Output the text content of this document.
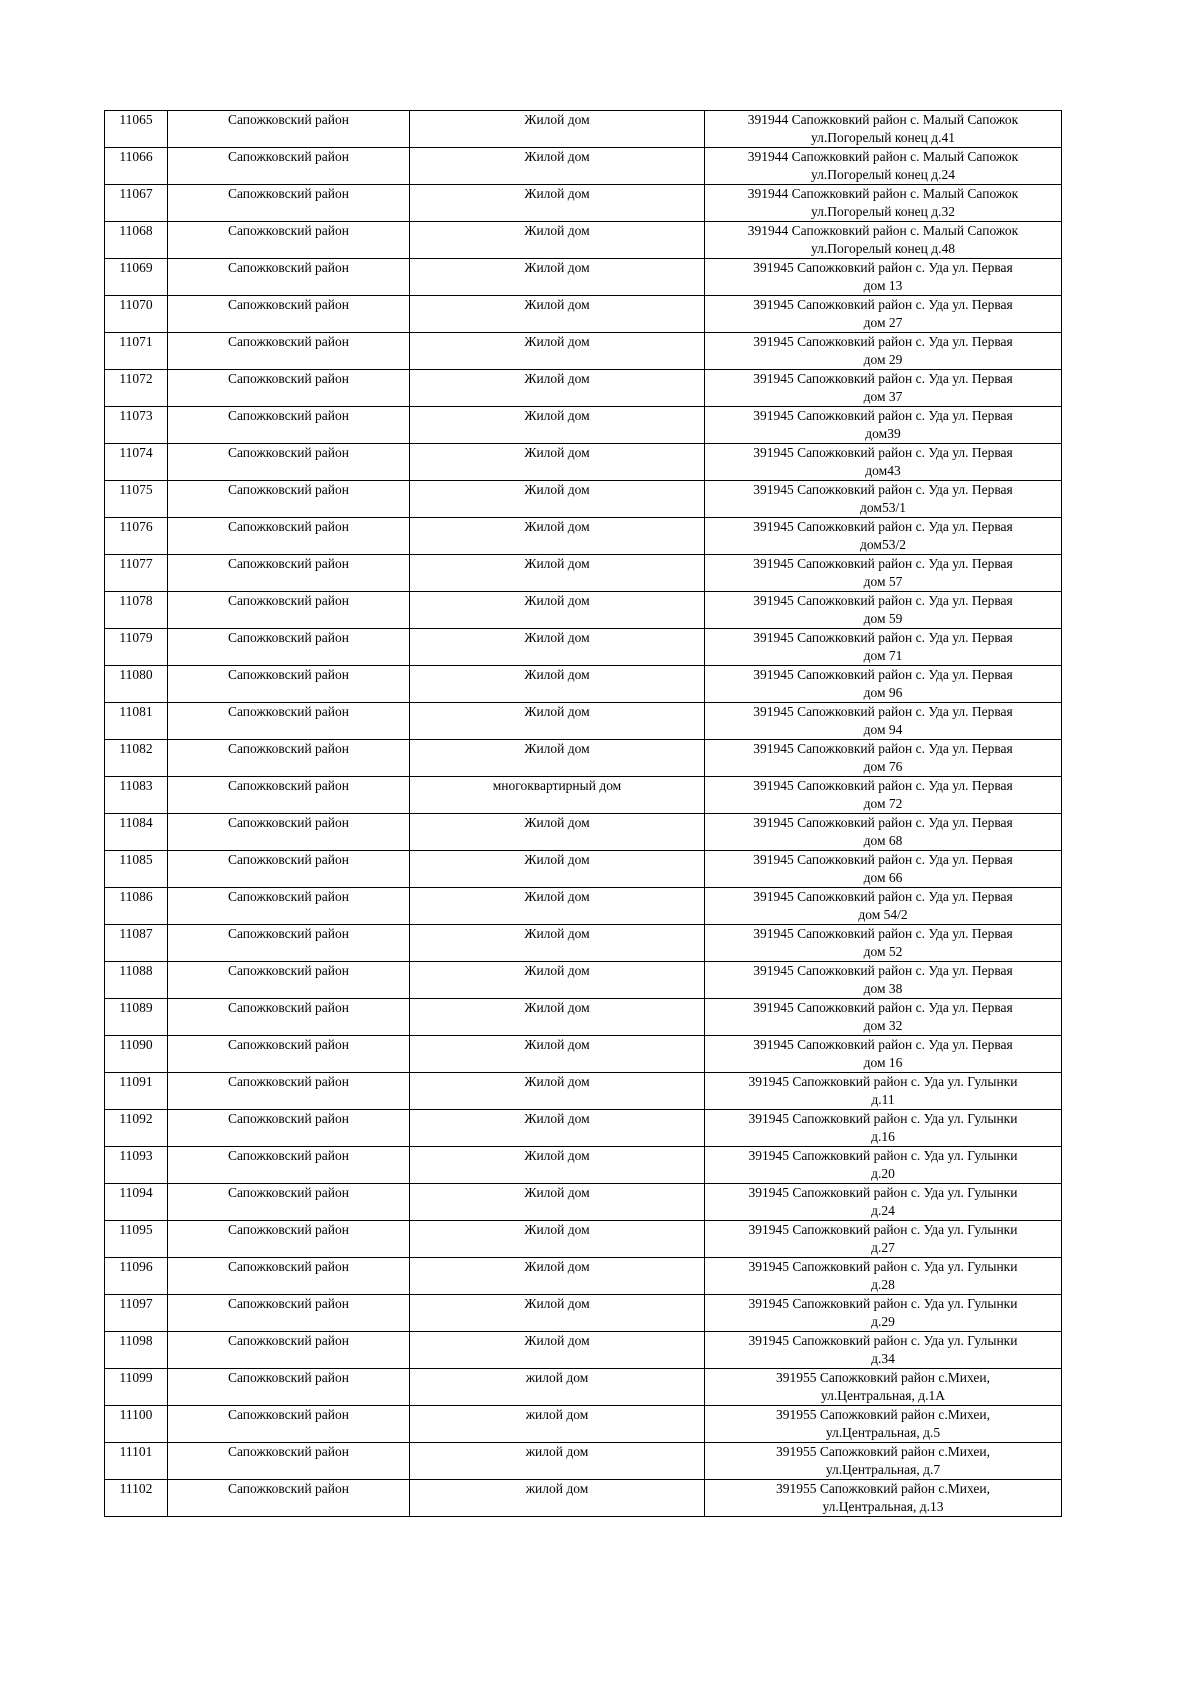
11065	Сапожковский район	Жилой дом	391944 Сапожковкий район с. Малый Сапожок
ул.Погорелый конец д.41

11066	Сапожковский район	Жилой дом	391944 Сапожковкий район с. Малый Сапожок
ул.Погорелый конец д.24

11067	Сапожковский район	Жилой дом	391944 Сапожковкий район с. Малый Сапожок
ул.Погорелый конец д.32

11068	Сапожковский район	Жилой дом	391944 Сапожковкий район с. Малый Сапожок
ул.Погорелый конец д.48

11069	Сапожковский район	Жилой дом	391945 Сапожковкий район с. Уда ул. Первая
дом 13

11070	Сапожковский район	Жилой дом	391945 Сапожковкий район с. Уда ул. Первая
дом 27

11071	Сапожковский район	Жилой дом	391945 Сапожковкий район с. Уда ул. Первая
дом 29

11072	Сапожковский район	Жилой дом	391945 Сапожковкий район с. Уда ул. Первая
дом 37

11073	Сапожковский район	Жилой дом	391945 Сапожковкий район с. Уда ул. Первая
дом39

11074	Сапожковский район	Жилой дом	391945 Сапожковкий район с. Уда ул. Первая
дом43

11075	Сапожковский район	Жилой дом	391945 Сапожковкий район с. Уда ул. Первая
дом53/1

11076	Сапожковский район	Жилой дом	391945 Сапожковкий район с. Уда ул. Первая
дом53/2

11077	Сапожковский район	Жилой дом	391945 Сапожковкий район с. Уда ул. Первая
дом 57

11078	Сапожковский район	Жилой дом	391945 Сапожковкий район с. Уда ул. Первая
дом 59

11079	Сапожковский район	Жилой дом	391945 Сапожковкий район с. Уда ул. Первая
дом 71

11080	Сапожковский район	Жилой дом	391945 Сапожковкий район с. Уда ул. Первая
дом 96

11081	Сапожковский район	Жилой дом	391945 Сапожковкий район с. Уда ул. Первая
дом 94

11082	Сапожковский район	Жилой дом	391945 Сапожковкий район с. Уда ул. Первая
дом 76

11083	Сапожковский район	многоквартирный дом	391945 Сапожковкий район с. Уда ул. Первая
дом 72

11084	Сапожковский район	Жилой дом	391945 Сапожковкий район с. Уда ул. Первая
дом 68

11085	Сапожковский район	Жилой дом	391945 Сапожковкий район с. Уда ул. Первая
дом 66

11086	Сапожковский район	Жилой дом	391945 Сапожковкий район с. Уда ул. Первая
дом 54/2

11087	Сапожковский район	Жилой дом	391945 Сапожковкий район с. Уда ул. Первая
дом 52

11088	Сапожковский район	Жилой дом	391945 Сапожковкий район с. Уда ул. Первая
дом 38

11089	Сапожковский район	Жилой дом	391945 Сапожковкий район с. Уда ул. Первая
дом 32

11090	Сапожковский район	Жилой дом	391945 Сапожковкий район с. Уда ул. Первая
дом 16

11091	Сапожковский район	Жилой дом	391945 Сапожковкий район с. Уда ул. Гулынки
д.11

11092	Сапожковский район	Жилой дом	391945 Сапожковкий район с. Уда ул. Гулынки
д.16

11093	Сапожковский район	Жилой дом	391945 Сапожковкий район с. Уда ул. Гулынки
д.20

11094	Сапожковский район	Жилой дом	391945 Сапожковкий район с. Уда ул. Гулынки
д.24

11095	Сапожковский район	Жилой дом	391945 Сапожковкий район с. Уда ул. Гулынки
д.27

11096	Сапожковский район	Жилой дом	391945 Сапожковкий район с. Уда ул. Гулынки
д.28

11097	Сапожковский район	Жилой дом	391945 Сапожковкий район с. Уда ул. Гулынки
д.29

11098	Сапожковский район	Жилой дом	391945 Сапожковкий район с. Уда ул. Гулынки
д.34

11099	Сапожковский район	жилой дом	391955 Сапожковкий район с.Михеи,
ул.Центральная, д.1А

11100	Сапожковский район	жилой дом	391955 Сапожковкий район с.Михеи,
ул.Центральная, д.5

11101	Сапожковский район	жилой дом	391955 Сапожковкий район с.Михеи,
ул.Центральная, д.7

11102	Сапожковский район	жилой дом	391955 Сапожковкий район с.Михеи,
ул.Центральная, д.13
